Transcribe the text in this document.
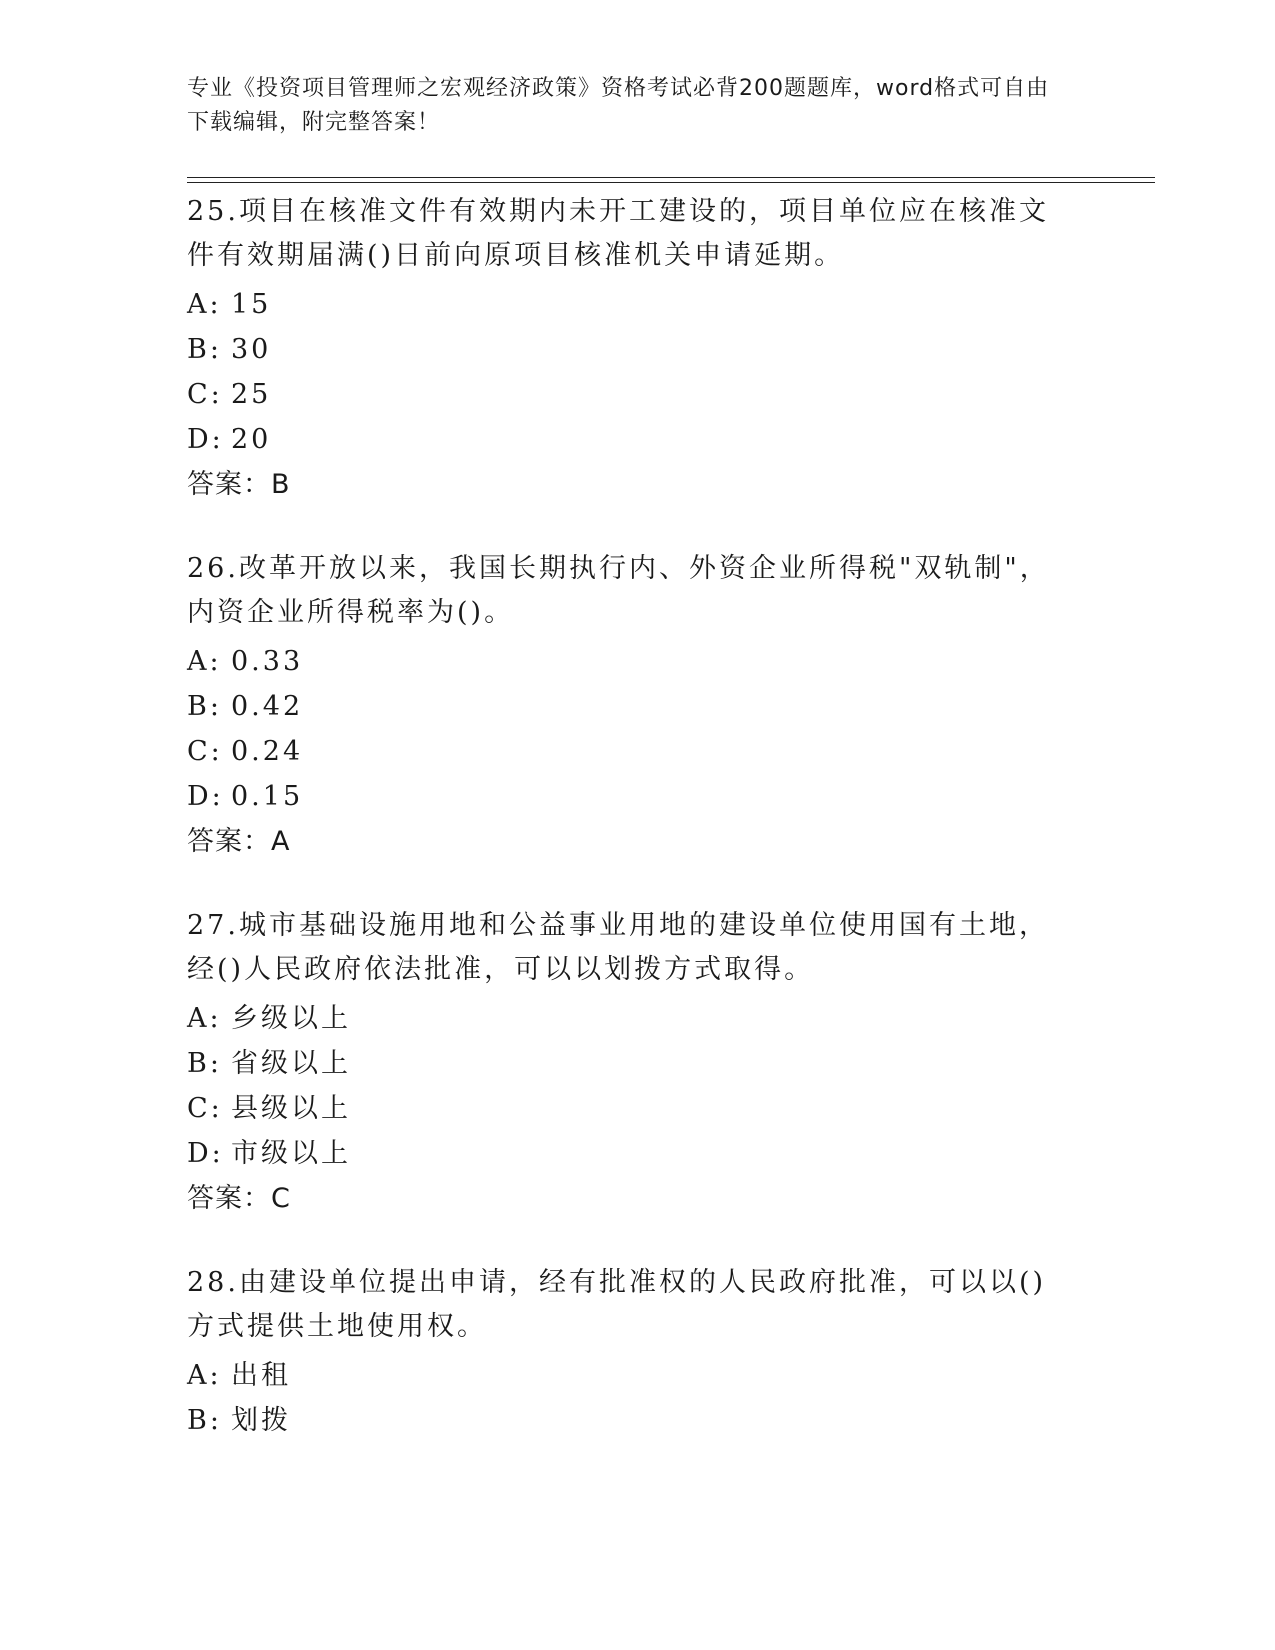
专业《投资项目管理师之宏观经济政策》资格考试必背200题题库，word格式可自由下载编辑，附完整答案！

25.项目在核准文件有效期内未开工建设的，项目单位应在核准文件有效期届满()日前向原项目核准机关申请延期。

A: 15
B: 30
C: 25
D: 20
答案：B

26.改革开放以来，我国长期执行内、外资企业所得税"双轨制"，内资企业所得税率为()。

A: 0.33
B: 0.42
C: 0.24
D: 0.15
答案：A

27.城市基础设施用地和公益事业用地的建设单位使用国有土地，经()人民政府依法批准，可以以划拨方式取得。

A: 乡级以上
B: 省级以上
C: 县级以上
D: 市级以上
答案：C

28.由建设单位提出申请，经有批准权的人民政府批准，可以以()方式提供土地使用权。

A: 出租
B: 划拨
